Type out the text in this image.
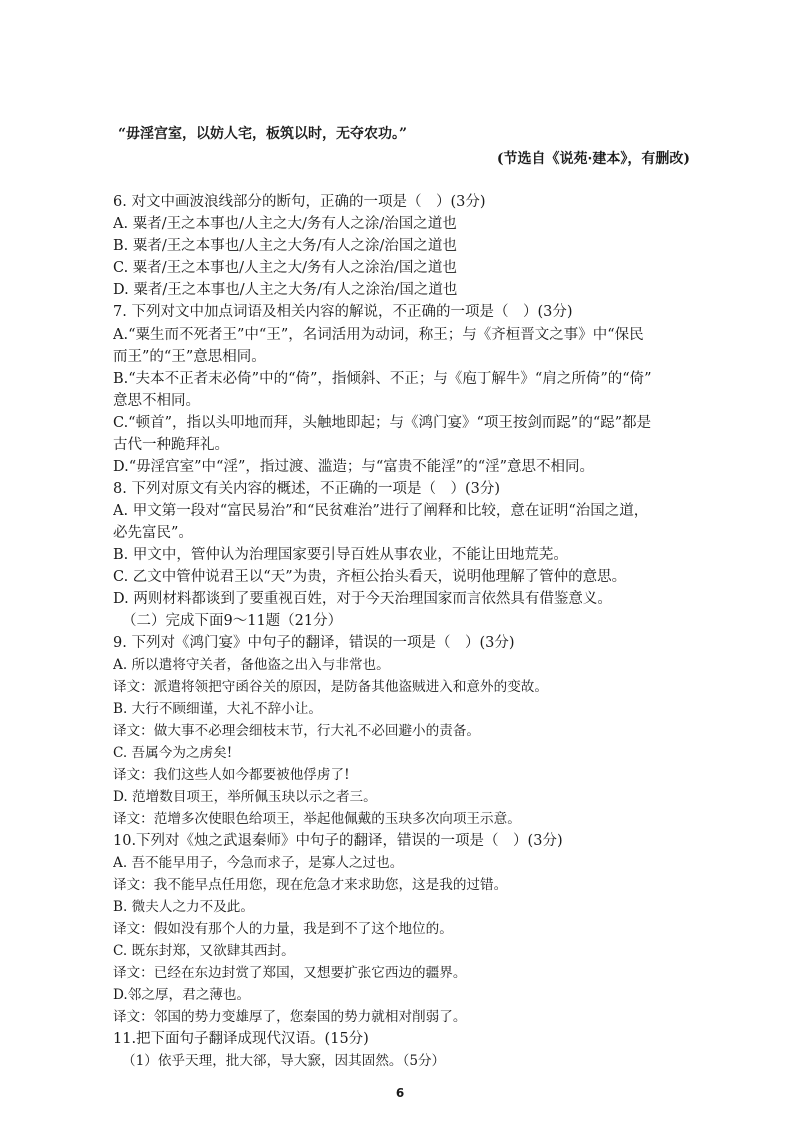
“毋淫宫室，以妨人宅，板筑以时，无夺农功。”
(节选自《说苑·建本》，有删改)
6. 对文中画波浪线部分的断句，正确的一项是（　）(3分)
A. 粟者/王之本事也/人主之大/务有人之涂/治国之道也
B. 粟者/王之本事也/人主之大务/有人之涂/治国之道也
C. 粟者/王之本事也/人主之大/务有人之涂治/国之道也
D. 粟者/王之本事也/人主之大务/有人之涂治/国之道也
7. 下列对文中加点词语及相关内容的解说，不正确的一项是（　）(3分)
A.“粟生而不死者王”中“王”，名词活用为动词，称王；与《齐桓晋文之事》中“保民
而王”的“王”意思相同。
B.“夫本不正者末必倚”中的“倚”，指倾斜、不正；与《庖丁解牛》“肩之所倚”的“倚”
意思不相同。
C.“顿首”，指以头叩地而拜，头触地即起；与《鸿门宴》“项王按剑而跽”的“跽”都是
古代一种跪拜礼。
D.“毋淫宫室”中“淫”，指过渡、滥造；与“富贵不能淫”的“淫”意思不相同。
8. 下列对原文有关内容的概述，不正确的一项是（　）(3分)
A. 甲文第一段对“富民易治”和“民贫难治”进行了阐释和比较，意在证明“治国之道，
必先富民”。
B. 甲文中，管仲认为治理国家要引导百姓从事农业，不能让田地荒芜。
C. 乙文中管仲说君王以“天”为贵，齐桓公抬头看天，说明他理解了管仲的意思。
D. 两则材料都谈到了要重视百姓，对于今天治理国家而言依然具有借鉴意义。
（二）完成下面9～11题（21分）
9. 下列对《鸿门宴》中句子的翻译，错误的一项是（　）(3分)
A. 所以遣将守关者，备他盗之出入与非常也。
译文：派遣将领把守函谷关的原因，是防备其他盗贼进入和意外的变故。
B. 大行不顾细谨，大礼不辞小让。
译文：做大事不必理会细枝末节，行大礼不必回避小的责备。
C. 吾属今为之虏矣!
译文：我们这些人如今都要被他俘虏了!
D. 范增数目项王，举所佩玉玦以示之者三。
译文：范增多次使眼色给项王，举起他佩戴的玉玦多次向项王示意。
10.下列对《烛之武退秦师》中句子的翻译，错误的一项是（　）(3分)
A. 吾不能早用子，今急而求子，是寡人之过也。
译文：我不能早点任用您，现在危急才来求助您，这是我的过错。
B. 微夫人之力不及此。
译文：假如没有那个人的力量，我是到不了这个地位的。
C. 既东封郑，又欲肆其西封。
译文：已经在东边封赏了郑国，又想要扩张它西边的疆界。
D.邻之厚，君之薄也。
译文：邻国的势力变雄厚了，您秦国的势力就相对削弱了。
11.把下面句子翻译成现代汉语。(15分)
（1）依乎天理，批大郤，导大窾，因其固然。（5分）
6
